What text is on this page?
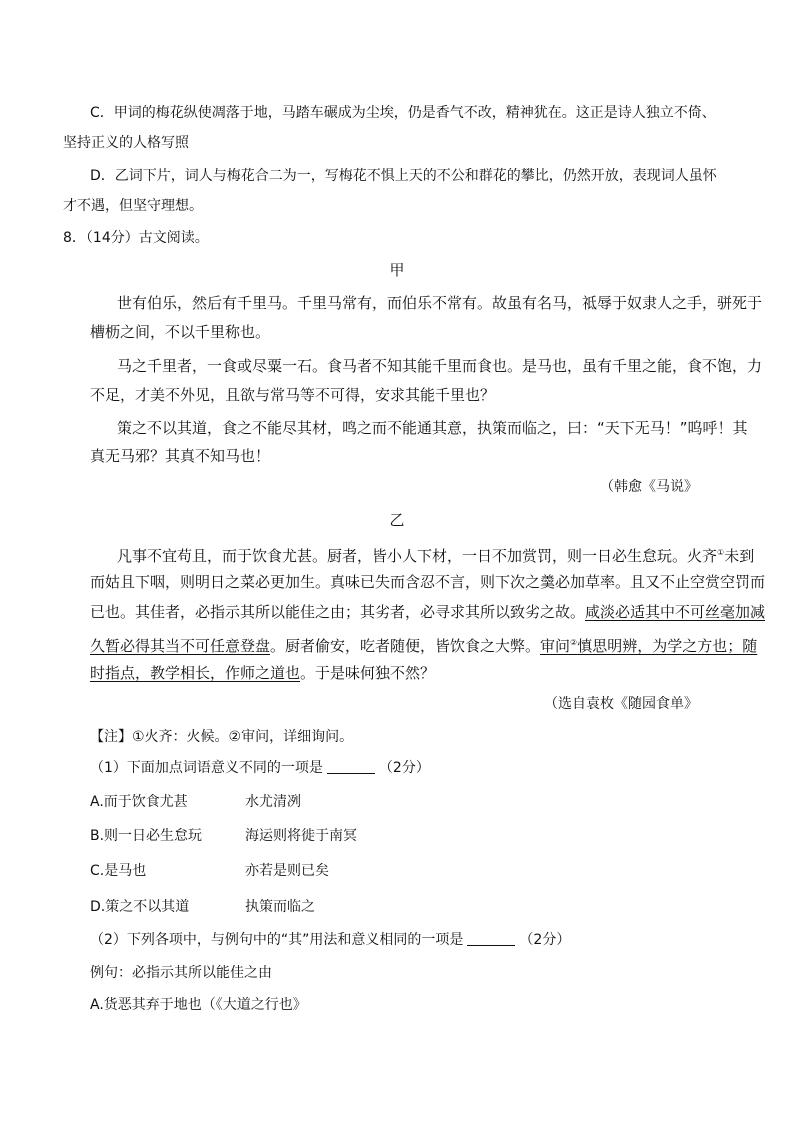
C．甲词的梅花纵使凋落于地，马踏车碾成为尘埃，仍是香气不改，精神犹在。这正是诗人独立不倚、
坚持正义的人格写照
D．乙词下片，词人与梅花合二为一，写梅花不惧上天的不公和群花的攀比，仍然开放，表现词人虽怀
才不遇，但坚守理想。
8．（14分）古文阅读。
甲
世有伯乐，然后有千里马。千里马常有，而伯乐不常有。故虽有名马，祗辱于奴隶人之手，骈死于
槽枥之间，不以千里称也。
马之千里者，一食或尽粟一石。食马者不知其能千里而食也。是马也，虽有千里之能，食不饱，力
不足，才美不外见，且欲与常马等不可得，安求其能千里也？
策之不以其道，食之不能尽其材，鸣之而不能通其意，执策而临之，曰：“天下无马！”呜呼！其
真无马邪？其真不知马也！
（韩愈《马说》
乙
凡事不宜苟且，而于饮食尤甚。厨者，皆小人下材，一日不加赏罚，则一日必生怠玩。火齐①未到
而姑且下咽，则明日之菜必更加生。真味已失而含忍不言，则下次之羹必加草率。且又不止空赏空罚而
已也。其佳者，必指示其所以能佳之由；其劣者，必寻求其所以致劣之故。咸淡必适其中不可丝毫加减
久暂必得其当不可任意登盘。厨者偷安，吃者随便，皆饮食之大弊。审问②慎思明辨，为学之方也；随
时指点，教学相长，作师之道也。于是味何独不然？
（选自袁枚《随园食单》
【注】①火齐：火候。②审问，详细询问。
（1）下面加点词语意义不同的一项是	（2分）
A.而于饮食尤甚	水尤清冽
B.则一日必生怠玩	海运则将徙于南冥
C.是马也	亦若是则已矣
D.策之不以其道	执策而临之
（2）下列各项中，与例句中的“其”用法和意义相同的一项是	（2分）
例句：必指示其所以能佳之由
A.货恶其弃于地也（《大道之行也》
